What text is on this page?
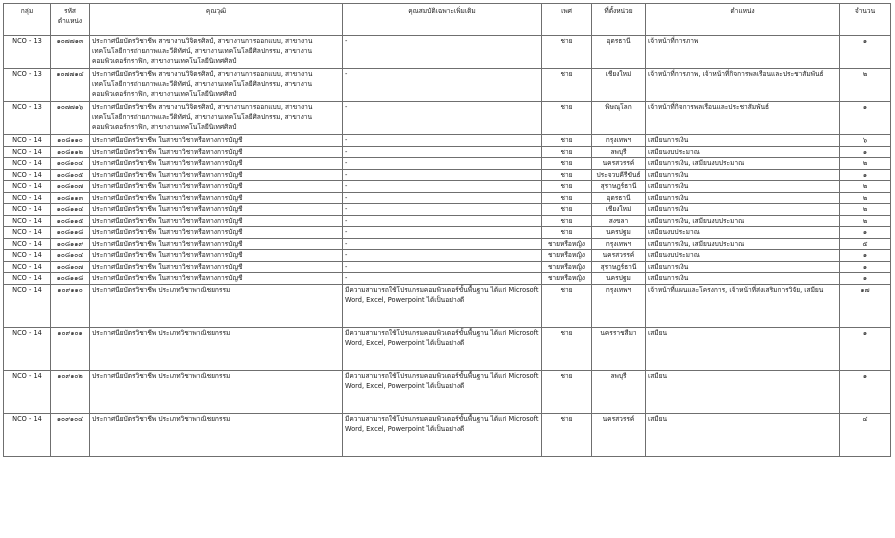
กลุ่ม	รหัสตำแหน่ง	คุณวุฒิ	คุณสมบัติเฉพาะเพิ่มเติม	เพศ	ที่ตั้งหน่วย	ตำแหน่ง	จำนวน
NCO - 13	๑๐๗๗๑๓	ประกาศนียบัตรวิชาชีพ สาขางานวิจิตรศิลป์, สาขางานการออกแบบ, สาขางานเทคโนโลยีการถ่ายภาพและวีดิทัศน์, สาขางานเทคโนโลยีศิลปกรรม, สาขางานคอมพิวเตอร์กราฟิก, สาขางานเทคโนโลยีนิเทศศิลป์	-	ชาย	อุดรธานี	เจ้าหน้าที่การภาพ	๑
NCO - 13	๑๐๗๗๑๔	ประกาศนียบัตรวิชาชีพ สาขางานวิจิตรศิลป์, สาขางานการออกแบบ, สาขางานเทคโนโลยีการถ่ายภาพและวีดิทัศน์, สาขางานเทคโนโลยีศิลปกรรม, สาขางานคอมพิวเตอร์กราฟิก, สาขางานเทคโนโลยีนิเทศศิลป์	-	ชาย	เชียงใหม่	เจ้าหน้าที่การภาพ, เจ้าหน้าที่กิจการพลเรือนและประชาสัมพันธ์	๒
NCO - 13	๑๐๗๗๑๖	ประกาศนียบัตรวิชาชีพ สาขางานวิจิตรศิลป์, สาขางานการออกแบบ, สาขางานเทคโนโลยีการถ่ายภาพและวีดิทัศน์, สาขางานเทคโนโลยีศิลปกรรม, สาขางานคอมพิวเตอร์กราฟิก, สาขางานเทคโนโลยีนิเทศศิลป์	-	ชาย	พิษณุโลก	เจ้าหน้าที่กิจการพลเรือนและประชาสัมพันธ์	๑
NCO - 14	๑๐๘๑๑๐	ประกาศนียบัตรวิชาชีพ ในสาขาวิชาหรือทางการบัญชี	-	ชาย	กรุงเทพฯ	เสมียนการเงิน	๖
NCO - 14	๑๐๘๑๑๒	ประกาศนียบัตรวิชาชีพ ในสาขาวิชาหรือทางการบัญชี	-	ชาย	ลพบุรี	เสมียนงบประมาณ	๑
NCO - 14	๑๐๘๑๐๔	ประกาศนียบัตรวิชาชีพ ในสาขาวิชาหรือทางการบัญชี	-	ชาย	นครสวรรค์	เสมียนการเงิน, เสมียนงบประมาณ	๒
NCO - 14	๑๐๘๑๐๕	ประกาศนียบัตรวิชาชีพ ในสาขาวิชาหรือทางการบัญชี	-	ชาย	ประจวบคีรีขันธ์	เสมียนการเงิน	๑
NCO - 14	๑๐๘๑๐๗	ประกาศนียบัตรวิชาชีพ ในสาขาวิชาหรือทางการบัญชี	-	ชาย	สุราษฎร์ธานี	เสมียนการเงิน	๒
NCO - 14	๑๐๘๑๑๓	ประกาศนียบัตรวิชาชีพ ในสาขาวิชาหรือทางการบัญชี	-	ชาย	อุดรธานี	เสมียนการเงิน	๒
NCO - 14	๑๐๘๑๑๔	ประกาศนียบัตรวิชาชีพ ในสาขาวิชาหรือทางการบัญชี	-	ชาย	เชียงใหม่	เสมียนการเงิน	๒
NCO - 14	๑๐๘๑๑๕	ประกาศนียบัตรวิชาชีพ ในสาขาวิชาหรือทางการบัญชี	-	ชาย	สงขลา	เสมียนการเงิน, เสมียนงบประมาณ	๒
NCO - 14	๑๐๘๑๑๘	ประกาศนียบัตรวิชาชีพ ในสาขาวิชาหรือทางการบัญชี	-	ชาย	นครปฐม	เสมียนงบประมาณ	๑
NCO - 14	๑๐๘๑๑๙	ประกาศนียบัตรวิชาชีพ ในสาขาวิชาหรือทางการบัญชี	-	ชายหรือหญิง	กรุงเทพฯ	เสมียนการเงิน, เสมียนงบประมาณ	๕
NCO - 14	๑๐๘๑๐๔	ประกาศนียบัตรวิชาชีพ ในสาขาวิชาหรือทางการบัญชี	-	ชายหรือหญิง	นครสวรรค์	เสมียนงบประมาณ	๑
NCO - 14	๑๐๘๑๐๗	ประกาศนียบัตรวิชาชีพ ในสาขาวิชาหรือทางการบัญชี	-	ชายหรือหญิง	สุราษฎร์ธานี	เสมียนการเงิน	๑
NCO - 14	๑๐๘๑๑๘	ประกาศนียบัตรวิชาชีพ ในสาขาวิชาหรือทางการบัญชี	-	ชายหรือหญิง	นครปฐม	เสมียนการเงิน	๑
NCO - 14	๑๐๙๑๑๐	ประกาศนียบัตรวิชาชีพ ประเภทวิชาพาณิชยกรรม	มีความสามารถใช้โปรแกรมคอมพิวเตอร์ขั้นพื้นฐาน ได้แก่ Microsoft Word, Excel, Powerpoint ได้เป็นอย่างดี	ชาย	กรุงเทพฯ	เจ้าหน้าที่แผนและโครงการ, เจ้าหน้าที่ส่งเสริมการวิจัย, เสมียน	๑๗
NCO - 14	๑๐๙๑๐๑	ประกาศนียบัตรวิชาชีพ ประเภทวิชาพาณิชยกรรม	มีความสามารถใช้โปรแกรมคอมพิวเตอร์ขั้นพื้นฐาน ได้แก่ Microsoft Word, Excel, Powerpoint ได้เป็นอย่างดี	ชาย	นครราชสีมา	เสมียน	๑
NCO - 14	๑๐๙๑๐๒	ประกาศนียบัตรวิชาชีพ ประเภทวิชาพาณิชยกรรม	มีความสามารถใช้โปรแกรมคอมพิวเตอร์ขั้นพื้นฐาน ได้แก่ Microsoft Word, Excel, Powerpoint ได้เป็นอย่างดี	ชาย	ลพบุรี	เสมียน	๑
NCO - 14	๑๐๙๑๐๔	ประกาศนียบัตรวิชาชีพ ประเภทวิชาพาณิชยกรรม	มีความสามารถใช้โปรแกรมคอมพิวเตอร์ขั้นพื้นฐาน ได้แก่ Microsoft Word, Excel, Powerpoint ได้เป็นอย่างดี	ชาย	นครสวรรค์	เสมียน	๔
